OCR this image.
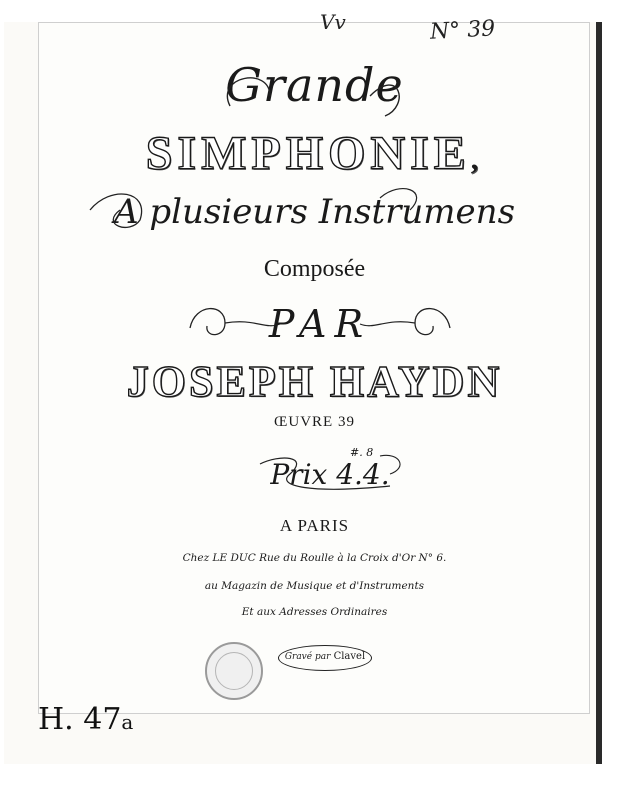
Vv	N° 39
Grande
SIMPHONIE,
A plusieurs Instrumens
Composée
PAR
JOSEPH HAYDN
ŒUVRE 39
Prix 4.4.
#. 8
A PARIS
Chez LE DUC Rue du Roulle à la Croix d'Or N° 6.
au Magazin de Musique et d'Instruments
Et aux Adresses Ordinaires
Gravé par Clavel
H. 47a
